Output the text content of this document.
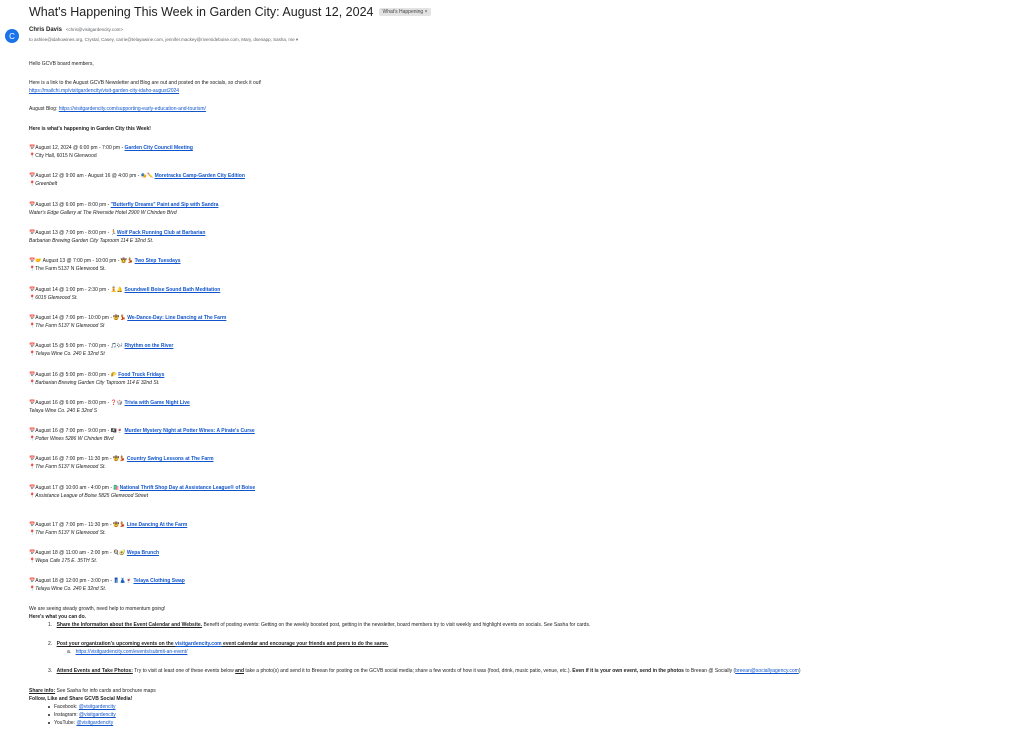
What's Happening This Week in Garden City: August 12, 2024	What's Happening ×
C
Chris Davis <chris@visitgardencity.com>
to ashlee@idahowines.org, Crystal, Casey, carrie@telayawine.com, jennifer.mackey@riversideboise.com, Mary, dsenapp, Sasha, me ▾
Hello GCVB board members,
Here is a link to the August GCVB Newsletter and Blog are out and posted on the socials, so check it out!
https://mailchi.mp/visitgardencity/visit-garden-city-idaho-august2024
August Blog: https://visitgardencity.com/supporting-early-education-and-tourism/
Here is what's happening in Garden City this Week!
📅August 12, 2024 @ 6:00 pm - 7:00 pm - Garden City Council Meeting
📍City Hall, 6015 N Glenwood
📅August 12 @ 9:00 am - August 16 @ 4:00 pm - 🎭✏️ Moretracks Camp-Garden City Edition
📍Greenbelt
📅August 13 @ 6:00 pm - 8:00 pm - "Butterfly Dreams" Paint and Sip with Sandra
Water's Edge Gallery at The Riverside Hotel 2900 W Chinden Blvd
📅August 13 @ 7:00 pm - 8:00 pm - 🏃Wolf Pack Running Club at Barbarian
Barbarian Brewing Garden City Taproom 114 E 32nd St.
📅🤝 August 13 @ 7:00 pm - 10:00 pm - 🤠💃 Two Step Tuesdays
📍The Farm 5137 N Glenwood St.
📅August 14 @ 1:00 pm - 2:30 pm - 🧘🔔 Soundwell Boise Sound Bath Meditation
📍6015 Glenwood St.
📅August 14 @ 7:00 pm - 10:00 pm - 🤠💃 We-Dance-Day: Line Dancing at The Farm
📍The Farm 5137 N Glenwood St
📅August 15 @ 5:00 pm - 7:00 pm - 🎵🎶 Rhythm on the River
📍Telaya Wine Co. 240 E 32nd St
📅August 16 @ 5:00 pm - 8:00 pm - 🌮 Food Truck Fridays
📍Barbarian Brewing Garden City Taproom 114 E 32nd St.
📅August 16 @ 6:00 pm - 8:00 pm - ❓🎲 Trivia with Game Night Live
Telaya Wine Co. 240 E 32nd S
📅August 16 @ 7:00 pm - 9:00 pm - 🏴‍☠️🍷 Murder Mystery Night at Potter Wines: A Pirate's Curse
📍Potter Wines 5286 W Chinden Blvd
📅August 16 @ 7:00 pm - 11:30 pm - 🤠💃 Country Swing Lessons at The Farm
📍The Farm 5137 N Glenwood St.
📅August 17 @ 10:00 am - 4:00 pm - 🛍️National Thrift Shop Day at Assistance League® of Boise
📍Assistance League of Boise 5825 Glenwood Street
📅August 17 @ 7:00 pm - 11:30 pm - 🤠💃 Line Dancing At the Farm
📍The Farm 5137 N Glenwood St.
📅August 18 @ 11:00 am - 2:00 pm - 🍳🥑 Wepa Brunch
📍Wepa Cafe 175 E. 35TH St.
📅August 18 @ 12:00 pm - 3:00 pm - 👖👗🍷 Telaya Clothing Swap
📍Telaya Wine Co. 240 E 32nd St.
We are seeing steady growth, need help to momentum going!
Here's what you can do.
1. Share the Information about the Event Calendar and Website. Benefit of posting events: Getting on the weekly boosted post, getting in the newsletter, board members try to visit weekly and highlight events on socials. See Sasha for cards.
2. Post your organization's upcoming events on the visitgardencity.com event calendar and encourage your friends and peers to do the same.
a. https://visitgardencity.com/events/submit-an-event/
3. Attend Events and Take Photos: Try to visit at least one of these events below and take a photo(s) and send it to Breean for posting on the GCVB social media; share a few words of how it was (food, drink, music patio, venue, etc.). Even if it is your own event, send in the photos to Breean @ Socially (breean@sociallyagency.com)
Share info: See Sasha for info cards and brochure maps
Follow, Like and Share GCVB Social Media!
Facebook: @visitgardencity
Instagram: @visitgardencity
YouTube: @visitgardencity
